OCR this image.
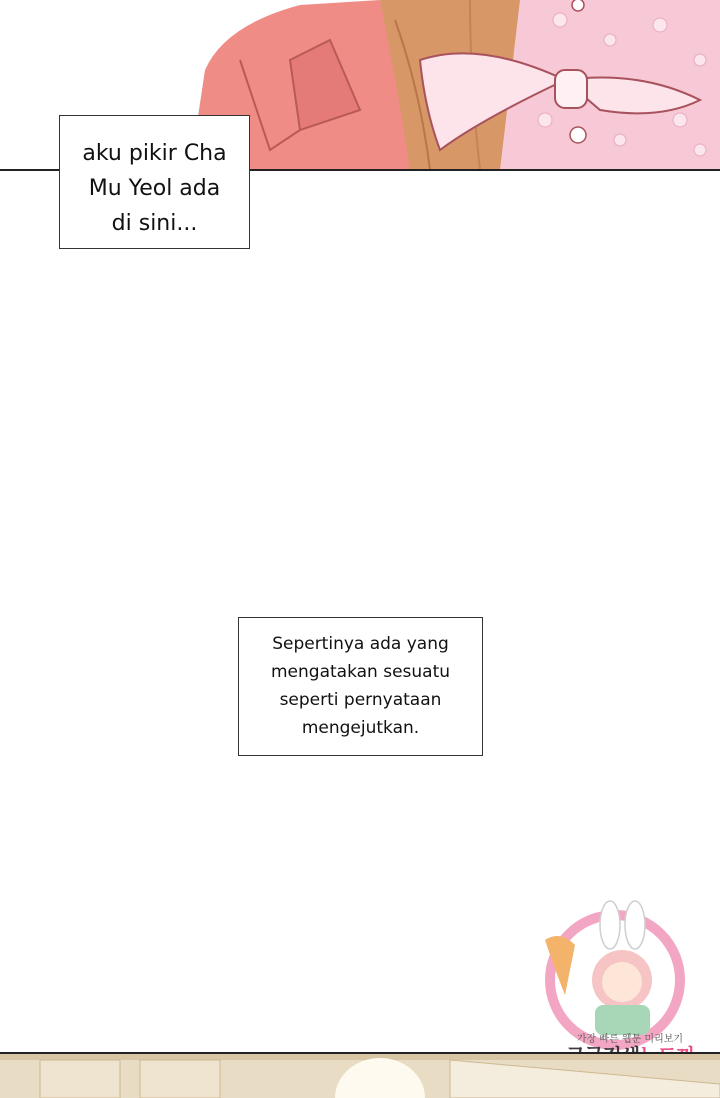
aku pikir Cha
Mu Yeol ada
di sini...
Sepertinya ada yang
mengatakan sesuatu
seperti pernyataan
mengejutkan.
가장 빠른 웹툰 미리보기
